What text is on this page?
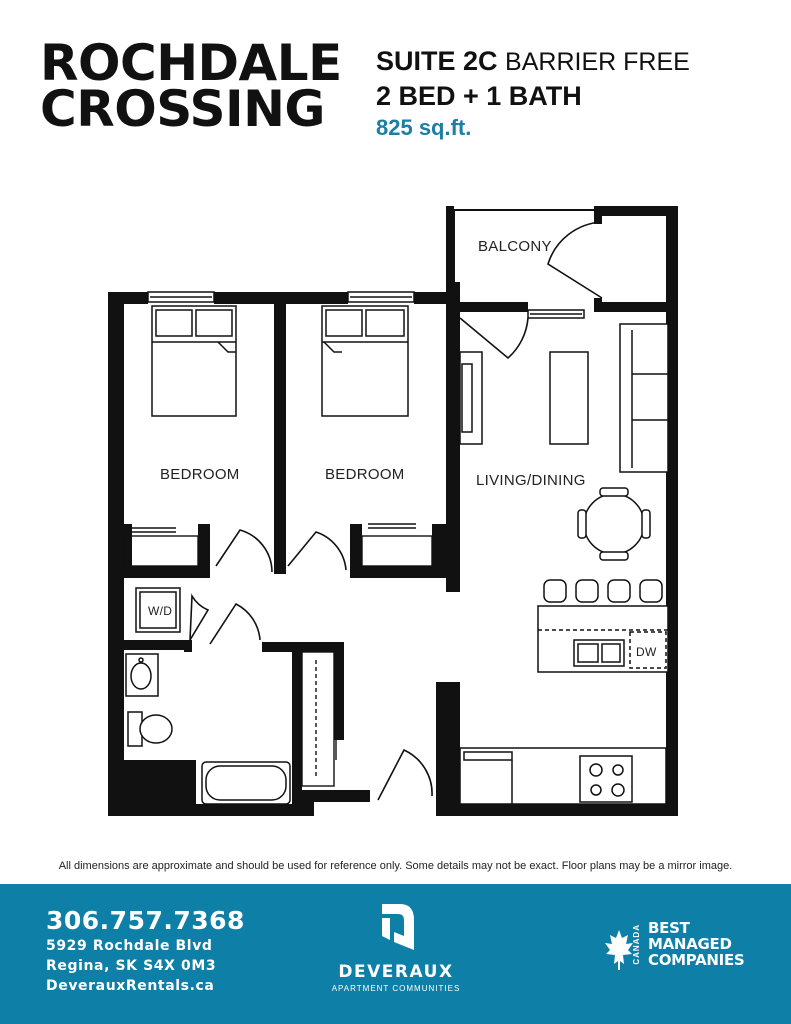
ROCHDALE
CROSSING
SUITE 2C BARRIER FREE
2 BED + 1 BATH
825 sq.ft.
BALCONY
BEDROOM	BEDROOM	LIVING/DINING
W/D
DW
All dimensions are approximate and should be used for reference only. Some details may not be exact. Floor plans may be a mirror image.
306.757.7368
5929 Rochdale Blvd
Regina, SK S4X 0M3
DeverauxRentals.ca
DEVERAUX
APARTMENT COMMUNITIES
CANADA BEST
MANAGED
COMPANIES
